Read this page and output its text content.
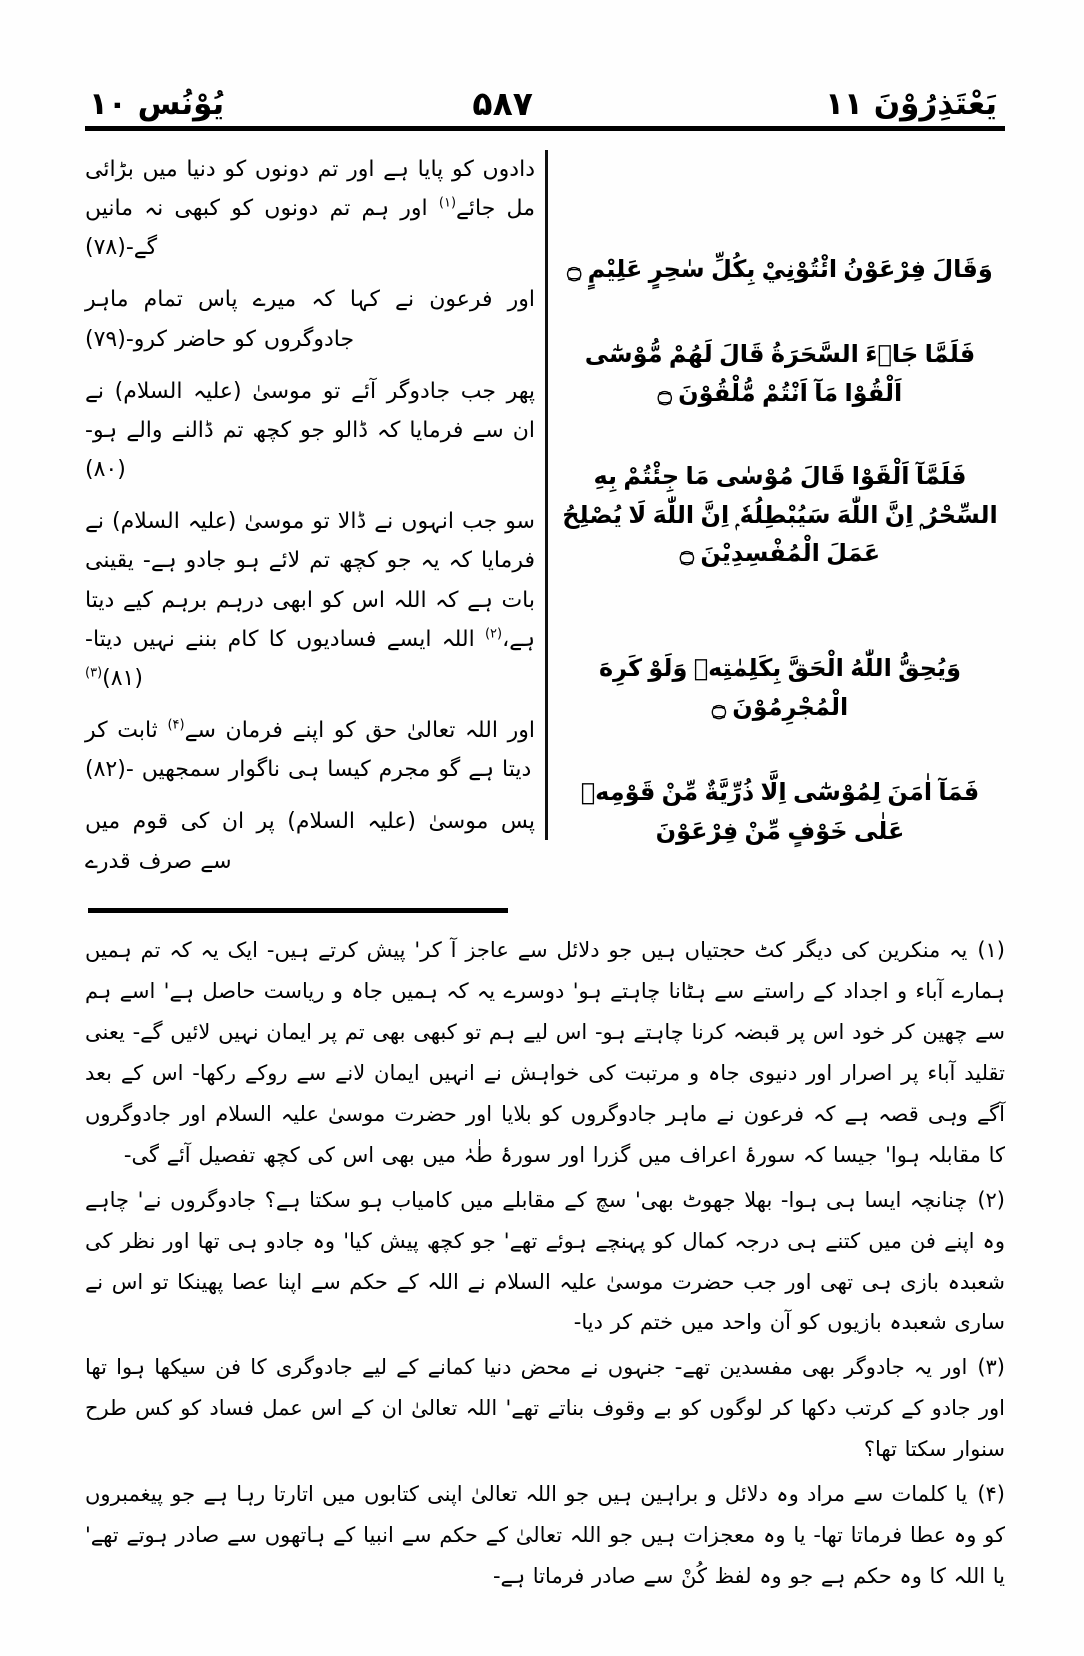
يَعْتَذِرُوْنَ ١١
۵۸۷
يُوْنُس ١٠

وَقَالَ فِرْعَوْنُ ائْتُوْنِيْ بِكُلِّ سٰحِرٍ عَلِيْمٍ ۝

فَلَمَّا جَاۤءَ السَّحَرَةُ قَالَ لَهُمْ مُّوْسٰٓى اَلْقُوْا مَآ اَنْتُمْ مُّلْقُوْنَ ۝

فَلَمَّآ اَلْقَوْا قَالَ مُوْسٰى مَا جِئْتُمْ بِهِ السِّحْرُ ۭ اِنَّ اللّٰهَ سَيُبْطِلُهٗ ۭ اِنَّ اللّٰهَ لَا يُصْلِحُ عَمَلَ الْمُفْسِدِيْنَ ۝

وَيُحِقُّ اللّٰهُ الْحَقَّ بِكَلِمٰتِهٖ وَلَوْ كَرِهَ الْمُجْرِمُوْنَ ۝

فَمَآ اٰمَنَ لِمُوْسٰٓى اِلَّا ذُرِّيَّةٌ مِّنْ قَوْمِهٖ عَلٰى خَوْفٍ مِّنْ فِرْعَوْنَ

دادوں کو پایا ہے اور تم دونوں کو دنیا میں بڑائی مل جائے$^{(۱)}$ اور ہم تم دونوں کو کبھی نہ مانیں گے-(۷۸)

اور فرعون نے کہا کہ میرے پاس تمام ماہر جادوگروں کو حاضر کرو-(۷۹)

پھر جب جادوگر آئے تو موسیٰ (علیہ السلام) نے ان سے فرمایا کہ ڈالو جو کچھ تم ڈالنے والے ہو-(۸۰)

سو جب انہوں نے ڈالا تو موسیٰ (علیہ السلام) نے فرمایا کہ یہ جو کچھ تم لائے ہو جادو ہے- یقینی بات ہے کہ اللہ اس کو ابھی درہم برہم کیے دیتا ہے،$^{(۲)}$ اللہ ایسے فسادیوں کا کام بننے نہیں دیتا- (۸۱)$^{(۳)}$

اور اللہ تعالیٰ حق کو اپنے فرمان سے$^{(۴)}$ ثابت کر دیتا ہے گو مجرم کیسا ہی ناگوار سمجھیں -(۸۲)

پس موسیٰ (علیہ السلام) پر ان کی قوم میں سے صرف قدرے

(۱)یہ منکرین کی دیگر کٹ حجتیاں ہیں جو دلائل سے عاجز آ کر' پیش کرتے ہیں- ایک یہ کہ تم ہمیں ہمارے آباء و اجداد کے راستے سے ہٹانا چاہتے ہو' دوسرے یہ کہ ہمیں جاہ و ریاست حاصل ہے' اسے ہم سے چھین کر خود اس پر قبضہ کرنا چاہتے ہو- اس لیے ہم تو کبھی بھی تم پر ایمان نہیں لائیں گے- یعنی تقلید آباء پر اصرار اور دنیوی جاہ و مرتبت کی خواہش نے انہیں ایمان لانے سے روکے رکھا- اس کے بعد آگے وہی قصہ ہے کہ فرعون نے ماہر جادوگروں کو بلایا اور حضرت موسیٰ علیہ السلام اور جادوگروں کا مقابلہ ہوا' جیسا کہ سورۂ اعراف میں گزرا اور سورۂ طٰہٰ میں بھی اس کی کچھ تفصیل آئے گی-

(۲)چنانچہ ایسا ہی ہوا- بھلا جھوٹ بھی' سچ کے مقابلے میں کامیاب ہو سکتا ہے؟ جادوگروں نے' چاہے وہ اپنے فن میں کتنے ہی درجہ کمال کو پہنچے ہوئے تھے' جو کچھ پیش کیا' وہ جادو ہی تھا اور نظر کی شعبدہ بازی ہی تھی اور جب حضرت موسیٰ علیہ السلام نے اللہ کے حکم سے اپنا عصا پھینکا تو اس نے ساری شعبدہ بازیوں کو آن واحد میں ختم کر دیا-

(۳)اور یہ جادوگر بھی مفسدین تھے- جنہوں نے محض دنیا کمانے کے لیے جادوگری کا فن سیکھا ہوا تھا اور جادو کے کرتب دکھا کر لوگوں کو بے وقوف بناتے تھے' اللہ تعالیٰ ان کے اس عمل فساد کو کس طرح سنوار سکتا تھا؟

(۴)یا کلمات سے مراد وہ دلائل و براہین ہیں جو اللہ تعالیٰ اپنی کتابوں میں اتارتا رہا ہے جو پیغمبروں کو وہ عطا فرماتا تھا- یا وہ معجزات ہیں جو اللہ تعالیٰ کے حکم سے انبیا کے ہاتھوں سے صادر ہوتے تھے' یا اللہ کا وہ حکم ہے جو وہ لفظ کُنْ سے صادر فرماتا ہے-
